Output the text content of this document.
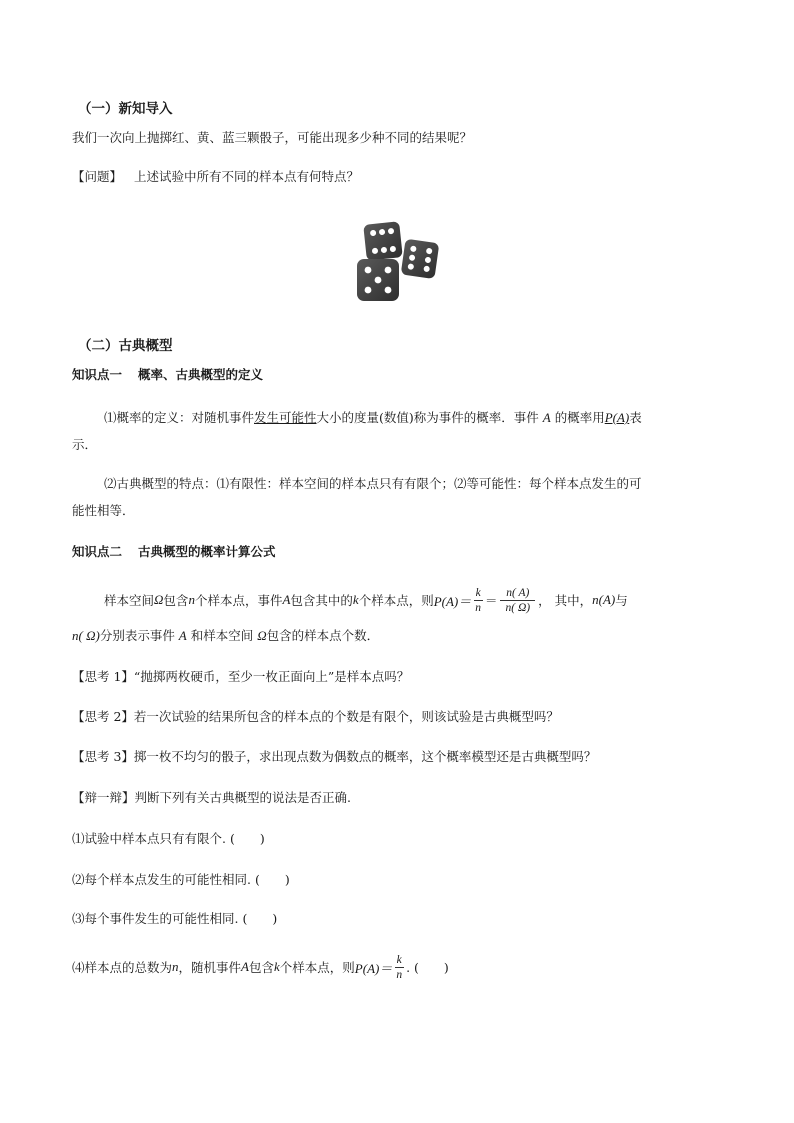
（一）新知导入
我们一次向上抛掷红、黄、蓝三颗骰子，可能出现多少种不同的结果呢？
【问题】 上述试验中所有不同的样本点有何特点？
（二）古典概型
知识点一 概率、古典概型的定义
⑴概率的定义：对随机事件发生可能性大小的度量(数值)称为事件的概率．事件 A 的概率用P(A)表
示．
⑵古典概型的特点：⑴有限性：样本空间的样本点只有有限个；⑵等可能性：每个样本点发生的可
能性相等．
知识点二 古典概型的概率计算公式
样本空间 Ω 包含 n 个样本点，事件 A 包含其中的 k 个样本点，则 $P(A)= \frac{k}{n} = \frac{n( A)}{n( \Omega)}$ ， 其中， n(A) 与
n( Ω)分别表示事件 A 和样本空间 Ω包含的样本点个数．
【思考 1】“抛掷两枚硬币，至少一枚正面向上”是样本点吗？
【思考 2】若一次试验的结果所包含的样本点的个数是有限个，则该试验是古典概型吗？
【思考 3】掷一枚不均匀的骰子，求出现点数为偶数点的概率，这个概率模型还是古典概型吗？
【辩一辩】判断下列有关古典概型的说法是否正确.
⑴试验中样本点只有有限个. (　　)
⑵每个样本点发生的可能性相同. (　　)
⑶每个事件发生的可能性相同. (　　)
⑷样本点的总数为 n ，随机事件 A 包含 k 个样本点，则 $P(A)= \frac{k}{n}$ . (　　)
